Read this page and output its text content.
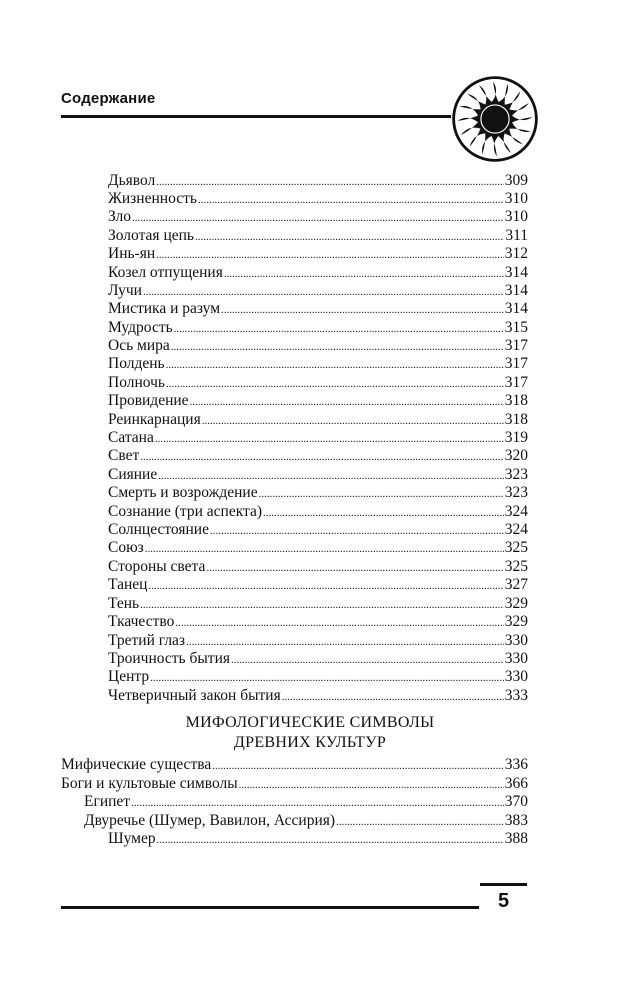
Содержание
Дьявол .....	309
Жизненность .....	310
Зло .....	310
Золотая цепь .....	311
Инь-ян .....	312
Козел отпущения .....	314
Лучи .....	314
Мистика и разум .....	314
Мудрость .....	315
Ось мира .....	317
Полдень .....	317
Полночь .....	317
Провидение .....	318
Реинкарнация .....	318
Сатана .....	319
Свет .....	320
Сияние .....	323
Смерть и возрождение .....	323
Сознание (три аспекта) .....	324
Солнцестояние .....	324
Союз .....	325
Стороны света .....	325
Танец .....	327
Тень .....	329
Ткачество .....	329
Третий глаз .....	330
Троичность бытия .....	330
Центр .....	330
Четверичный закон бытия .....	333
МИФОЛОГИЧЕСКИЕ СИМВОЛЫ
ДРЕВНИХ КУЛЬТУР
Мифические существа .....	336
Боги и культовые символы .....	366
Египет .....	370
Двуречье (Шумер, Вавилон, Ассирия) .....	383
Шумер .....	388
5
